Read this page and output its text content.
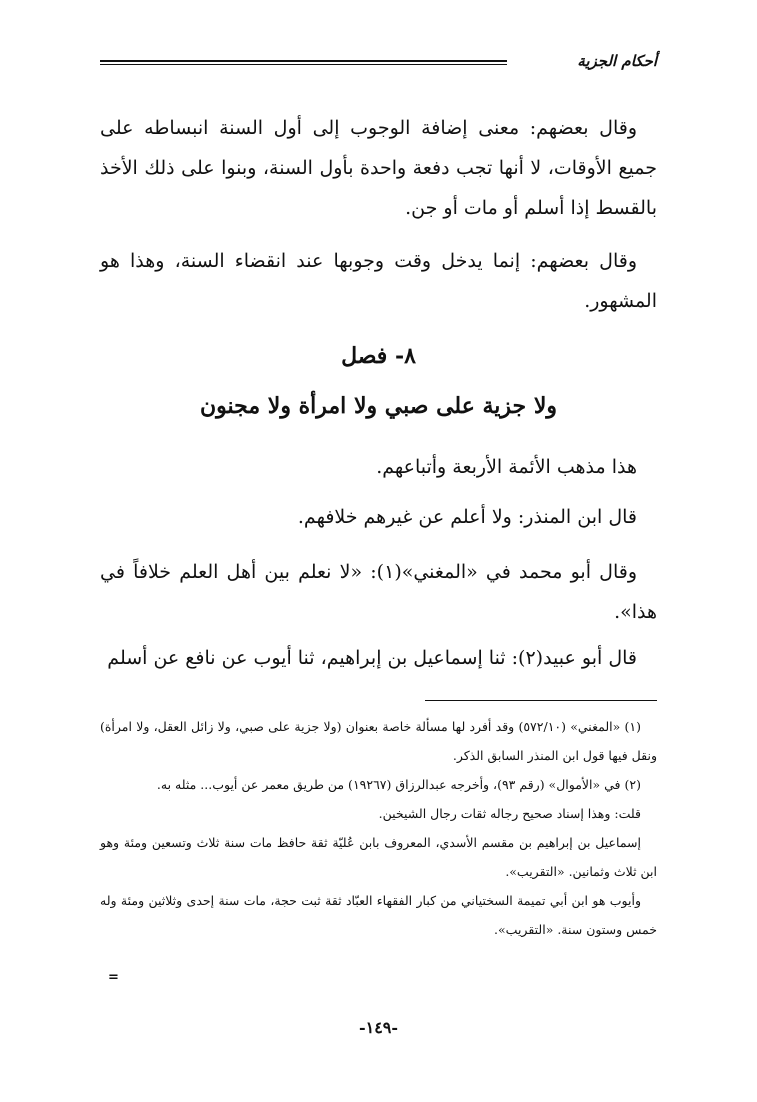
أحكام الجزية

وقال بعضهم: معنى إضافة الوجوب إلى أول السنة انبساطه على جميع الأوقات، لا أنها تجب دفعة واحدة بأول السنة، وبنوا على ذلك الأخذ بالقسط إذا أسلم أو مات أو جن.

وقال بعضهم: إنما يدخل وقت وجوبها عند انقضاء السنة، وهذا هو المشهور.

٨- فصل
ولا جزية على صبي ولا امرأة ولا مجنون

هذا مذهب الأئمة الأربعة وأتباعهم.

قال ابن المنذر: ولا أعلم عن غيرهم خلافهم.

وقال أبو محمد في «المغني»(١): «لا نعلم بين أهل العلم خلافاً في هذا».

قال أبو عبيد(٢): ثنا إسماعيل بن إبراهيم، ثنا أيوب عن نافع عن أسلم

(١) «المغني» (٥٧٢/١٠) وقد أفرد لها مسألة خاصة بعنوان (ولا جزية على صبي، ولا زائل العقل، ولا امرأة) ونقل فيها قول ابن المنذر السابق الذكر.

(٢) في «الأموال» (رقم ٩٣)، وأخرجه عبدالرزاق (١٩٢٦٧) من طريق معمر عن أيوب... مثله به.

قلت: وهذا إسناد صحيح رجاله ثقات رجال الشيخين.

إسماعيل بن إبراهيم بن مقسم الأسدي، المعروف بابن عُليّة ثقة حافظ مات سنة ثلاث وتسعين ومئة وهو ابن ثلاث وثمانين. «التقريب».

وأيوب هو ابن أبي تميمة السختياني من كبار الفقهاء العبّاد ثقة ثبت حجة، مات سنة إحدى وثلاثين ومئة وله خمس وستون سنة. «التقريب».

=
-١٤٩-
